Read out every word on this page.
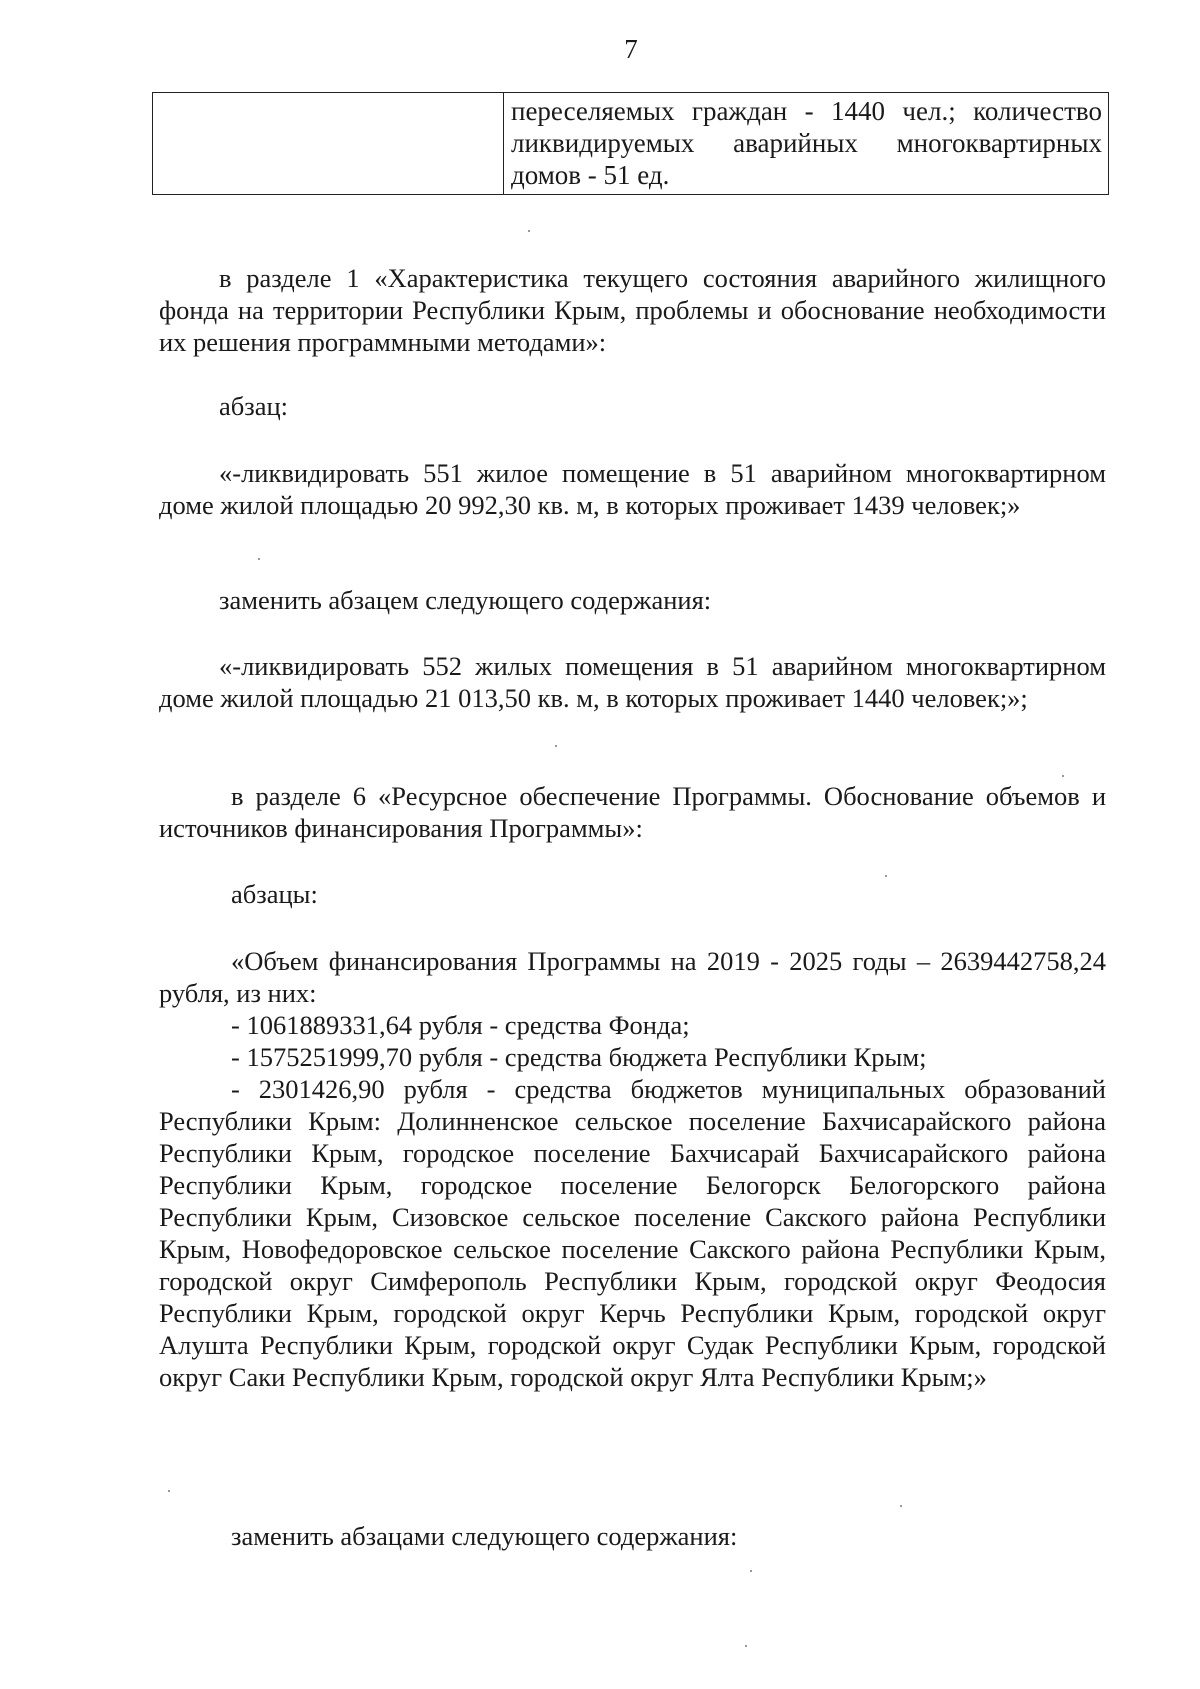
7
переселяемых граждан - 1440 чел.; количество ликвидируемых аварийных многоквартирных домов - 51 ед.

в разделе 1 «Характеристика текущего состояния аварийного жилищного фонда на территории Республики Крым, проблемы и обоснование необходимости их решения программными методами»:

абзац:

«-ликвидировать 551 жилое помещение в 51 аварийном многоквартирном доме жилой площадью 20 992,30 кв. м, в которых проживает 1439 человек;»

заменить абзацем следующего содержания:

«-ликвидировать 552 жилых помещения в 51 аварийном многоквартирном доме жилой площадью 21 013,50 кв. м, в которых проживает 1440 человек;»;

в разделе 6 «Ресурсное обеспечение Программы. Обоснование объемов и источников финансирования Программы»:

абзацы:

«Объем финансирования Программы на 2019 - 2025 годы – 2639442758,24 рубля, из них:

- 1061889331,64 рубля - средства Фонда;

- 1575251999,70 рубля - средства бюджета Республики Крым;

- 2301426,90 рубля - средства бюджетов муниципальных образований Республики Крым: Долинненское сельское поселение Бахчисарайского района Республики Крым, городское поселение Бахчисарай Бахчисарайского района Республики Крым, городское поселение Белогорск Белогорского района Республики Крым, Сизовское сельское поселение Сакского района Республики Крым, Новофедоровское сельское поселение Сакского района Республики Крым, городской округ Симферополь Республики Крым, городской округ Феодосия Республики Крым, городской округ Керчь Республики Крым, городской округ Алушта Республики Крым, городской округ Судак Республики Крым, городской округ Саки Республики Крым, городской округ Ялта Республики Крым;»

заменить абзацами следующего содержания:
